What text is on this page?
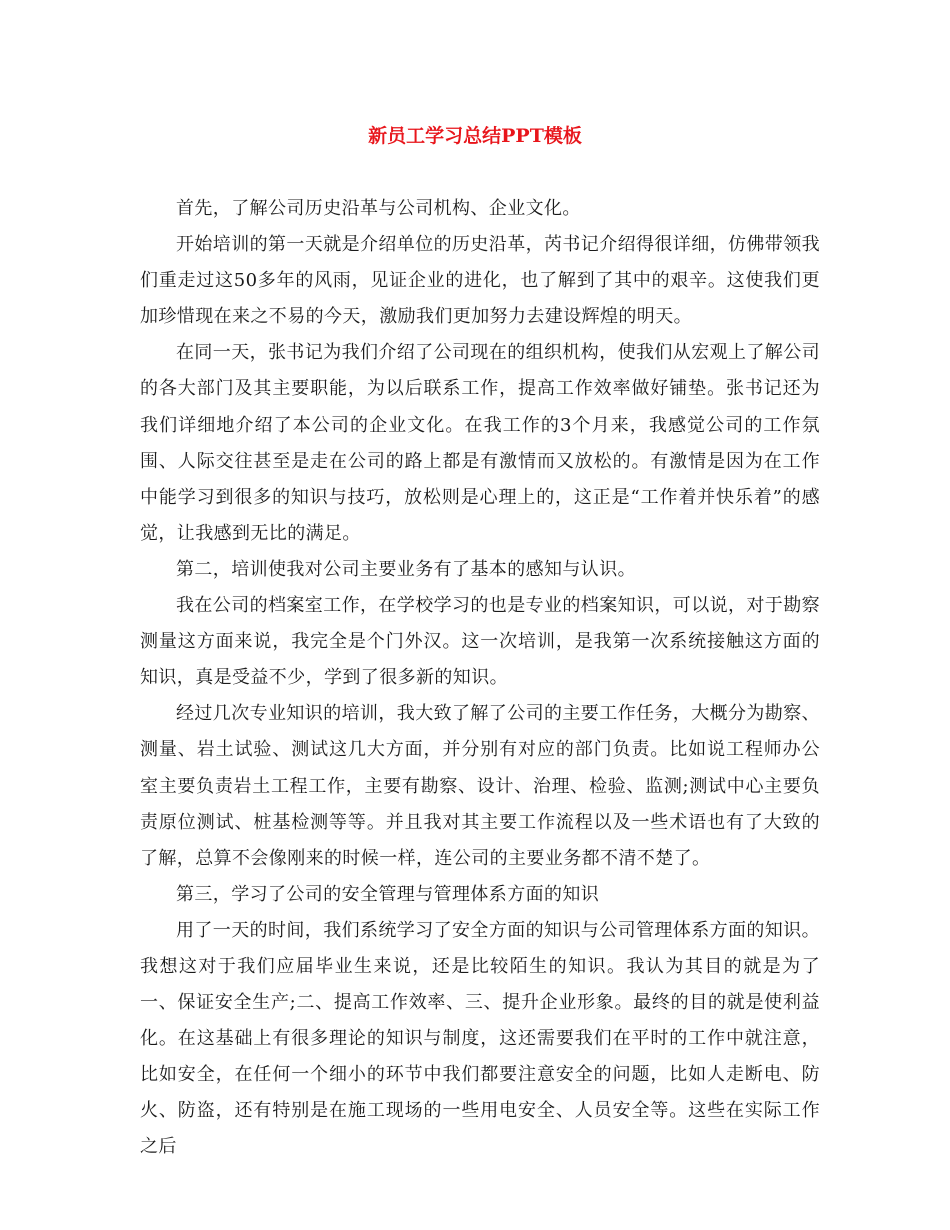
新员工学习总结PPT模板

首先，了解公司历史沿革与公司机构、企业文化。

开始培训的第一天就是介绍单位的历史沿革，芮书记介绍得很详细，仿佛带领我们重走过这50多年的风雨，见证企业的进化，也了解到了其中的艰辛。这使我们更加珍惜现在来之不易的今天，激励我们更加努力去建设辉煌的明天。

在同一天，张书记为我们介绍了公司现在的组织机构，使我们从宏观上了解公司的各大部门及其主要职能，为以后联系工作，提高工作效率做好铺垫。张书记还为我们详细地介绍了本公司的企业文化。在我工作的3个月来，我感觉公司的工作氛围、人际交往甚至是走在公司的路上都是有激情而又放松的。有激情是因为在工作中能学习到很多的知识与技巧，放松则是心理上的，这正是“工作着并快乐着”的感觉，让我感到无比的满足。

第二，培训使我对公司主要业务有了基本的感知与认识。

我在公司的档案室工作，在学校学习的也是专业的档案知识，可以说，对于勘察测量这方面来说，我完全是个门外汉。这一次培训，是我第一次系统接触这方面的知识，真是受益不少，学到了很多新的知识。

经过几次专业知识的培训，我大致了解了公司的主要工作任务，大概分为勘察、测量、岩土试验、测试这几大方面，并分别有对应的部门负责。比如说工程师办公室主要负责岩土工程工作，主要有勘察、设计、治理、检验、监测;测试中心主要负责原位测试、桩基检测等等。并且我对其主要工作流程以及一些术语也有了大致的了解，总算不会像刚来的时候一样，连公司的主要业务都不清不楚了。

第三，学习了公司的安全管理与管理体系方面的知识

用了一天的时间，我们系统学习了安全方面的知识与公司管理体系方面的知识。我想这对于我们应届毕业生来说，还是比较陌生的知识。我认为其目的就是为了一、保证安全生产;二、提高工作效率、三、提升企业形象。最终的目的就是使利益化。在这基础上有很多理论的知识与制度，这还需要我们在平时的工作中就注意，比如安全，在任何一个细小的环节中我们都要注意安全的问题，比如人走断电、防火、防盗，还有特别是在施工现场的一些用电安全、人员安全等。这些在实际工作之后
